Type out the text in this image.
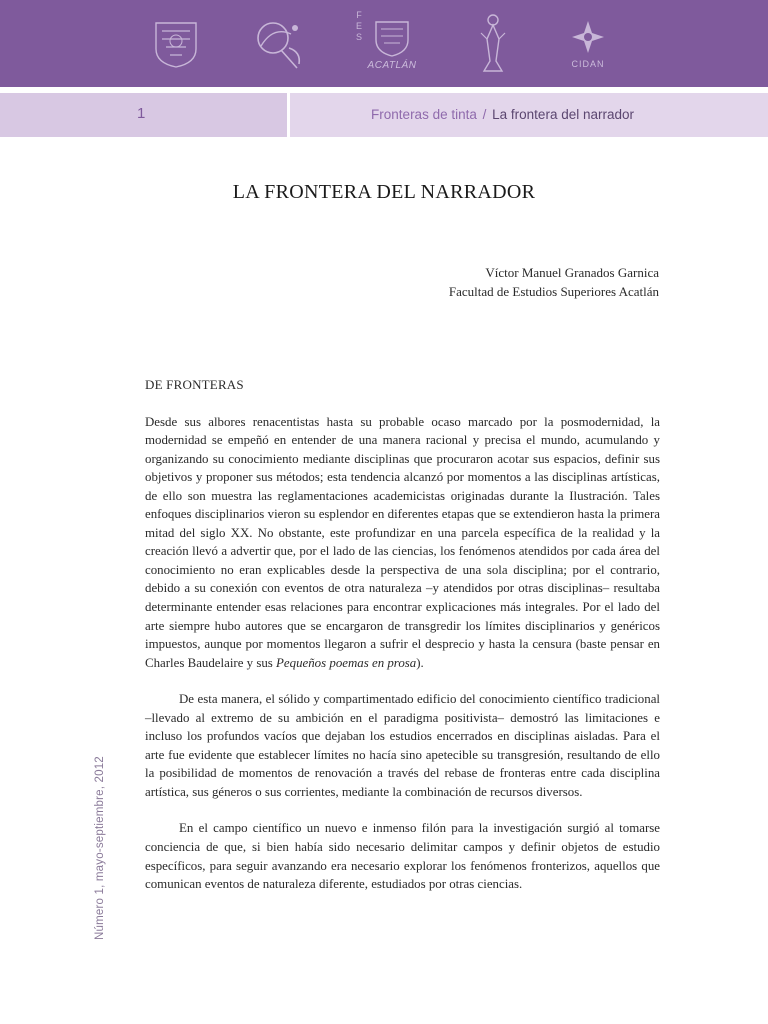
F
E
S
ACATLÁN	CIDAN
1	Fronteras de tinta / La frontera del narrador
LA FRONTERA DEL NARRADOR
Víctor Manuel Granados Garnica
Facultad de Estudios Superiores Acatlán
DE FRONTERAS

Desde sus albores renacentistas hasta su probable ocaso marcado por la posmodernidad, la modernidad se empeñó en entender de una manera racional y precisa el mundo, acumulando y organizando su conocimiento mediante disciplinas que procuraron acotar sus espacios, definir sus objetivos y proponer sus métodos; esta tendencia alcanzó por momentos a las disciplinas artísticas, de ello son muestra las reglamentaciones academicistas originadas durante la Ilustración. Tales enfoques disciplinarios vieron su esplendor en diferentes etapas que se extendieron hasta la primera mitad del siglo XX. No obstante, este profundizar en una parcela específica de la realidad y la creación llevó a advertir que, por el lado de las ciencias, los fenómenos atendidos por cada área del conocimiento no eran explicables desde la perspectiva de una sola disciplina; por el contrario, debido a su conexión con eventos de otra naturaleza –y atendidos por otras disciplinas– resultaba determinante entender esas relaciones para encontrar explicaciones más integrales. Por el lado del arte siempre hubo autores que se encargaron de transgredir los límites disciplinarios y genéricos impuestos, aunque por momentos llegaron a sufrir el desprecio y hasta la censura (baste pensar en Charles Baudelaire y sus Pequeños poemas en prosa).

De esta manera, el sólido y compartimentado edificio del conocimiento científico tradicional –llevado al extremo de su ambición en el paradigma positivista– demostró las limitaciones e incluso los profundos vacíos que dejaban los estudios encerrados en disciplinas aisladas. Para el arte fue evidente que establecer límites no hacía sino apetecible su transgresión, resultando de ello la posibilidad de momentos de renovación a través del rebase de fronteras entre cada disciplina artística, sus géneros o sus corrientes, mediante la combinación de recursos diversos.

En el campo científico un nuevo e inmenso filón para la investigación surgió al tomarse conciencia de que, si bien había sido necesario delimitar campos y definir objetos de estudio específicos, para seguir avanzando era necesario explorar los fenómenos fronterizos, aquellos que comunican eventos de naturaleza diferente, estudiados por otras ciencias.

Número 1, mayo-septiembre, 2012
